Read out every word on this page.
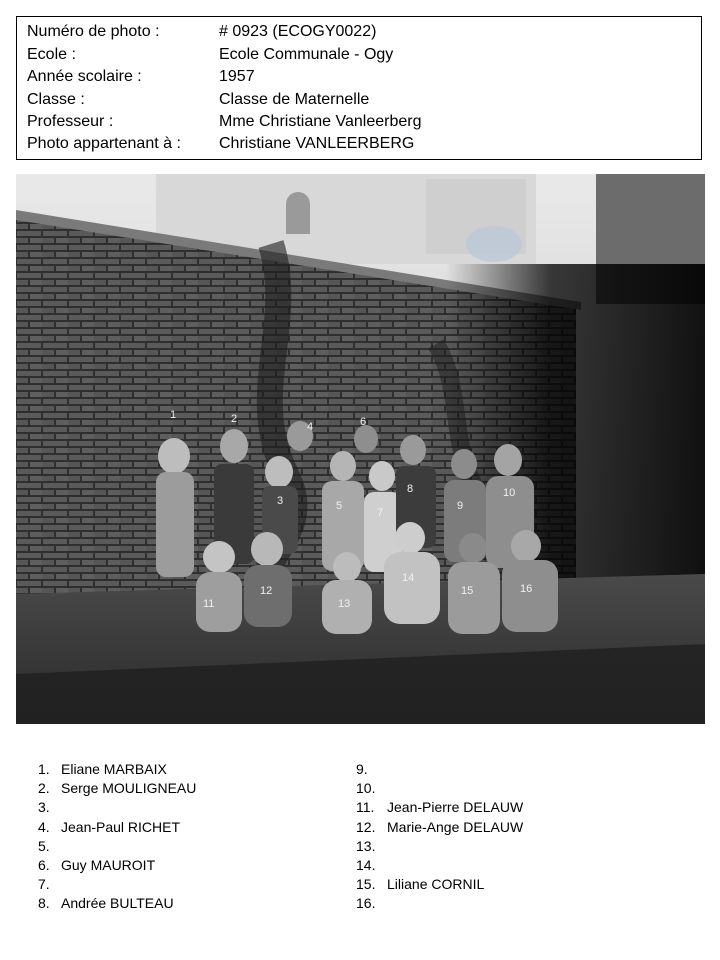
Numéro de photo :	# 0923 (ECOGY0022)
Ecole :	Ecole Communale - Ogy
Année scolaire :	1957
Classe :	Classe de Maternelle
Professeur :	Mme Christiane Vanleerberg
Photo appartenant à : Christiane VANLEERBERG
1	2
3
4
5
6
7
8
9
10
11
12
13
14
15	16
1. Eliane MARBAIX
2. Serge MOULIGNEAU
3.
4. Jean-Paul RICHET
5.
6. Guy MAUROIT
7.
8. Andrée BULTEAU
9.
10.
11. Jean-Pierre DELAUW
12. Marie-Ange DELAUW
13.
14.
15. Liliane CORNIL
16.
